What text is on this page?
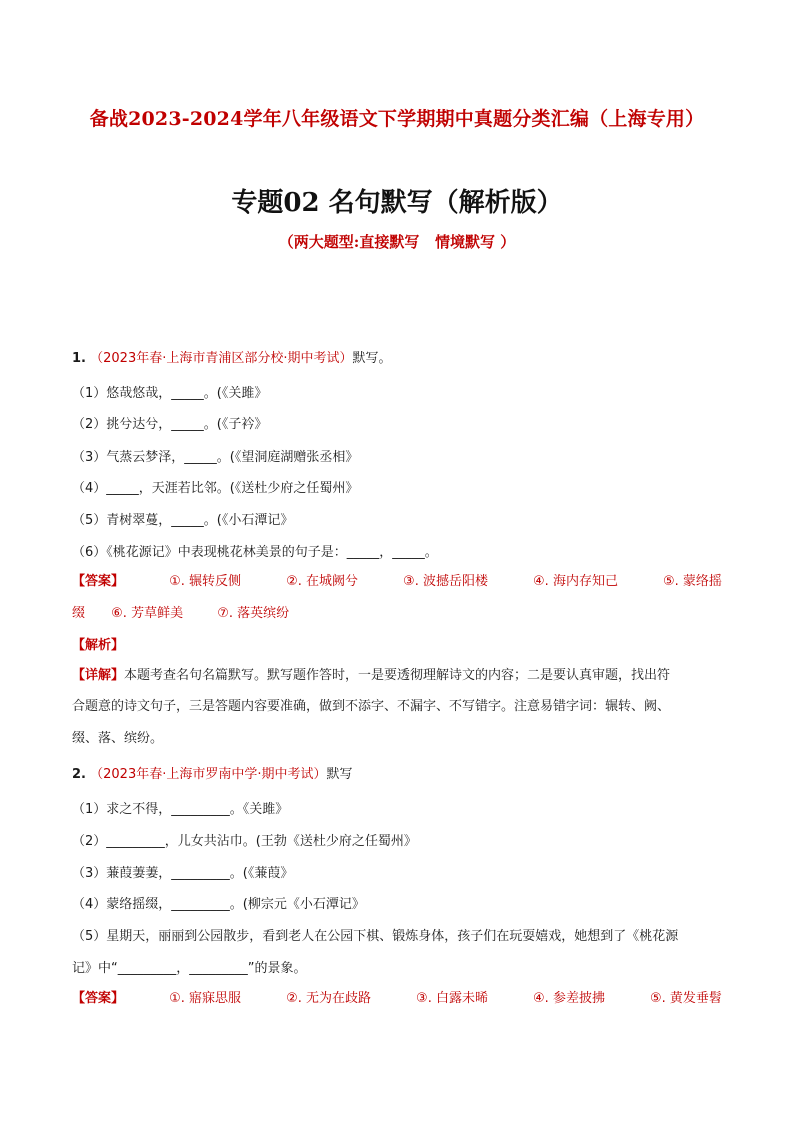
备战2023-2024学年八年级语文下学期期中真题分类汇编（上海专用）
专题02 名句默写（解析版）
（两大题型:直接默写   情境默写 ）
1. （2023年春·上海市青浦区部分校·期中考试）默写。
（1）悠哉悠哉，_____。(《关雎》
（2）挑兮达兮，_____。(《子衿》
（3）气蒸云梦泽，_____。(《望洞庭湖赠张丞相》
（4）_____，天涯若比邻。(《送杜少府之任蜀州》
（5）青树翠蔓，_____。(《小石潭记》
（6）《桃花源记》中表现桃花林美景的句子是：_____，_____。
【答案】	①. 辗转反侧	②. 在城阙兮	③. 波撼岳阳楼	④. 海内存知己	⑤. 蒙络摇
缀 ⑥. 芳草鲜美	⑦. 落英缤纷
【解析】
【详解】本题考查名句名篇默写。默写题作答时，一是要透彻理解诗文的内容；二是要认真审题，找出符
合题意的诗文句子，三是答题内容要准确，做到不添字、不漏字、不写错字。注意易错字词：辗转、阙、
缀、落、缤纷。
2. （2023年春·上海市罗南中学·期中考试）默写
（1）求之不得，_________。《关雎》
（2）_________，儿女共沾巾。(王勃《送杜少府之任蜀州》
（3）蒹葭萋萋，_________。(《蒹葭》
（4）蒙络摇缀，_________。(柳宗元《小石潭记》
（5）星期天，丽丽到公园散步，看到老人在公园下棋、锻炼身体，孩子们在玩耍嬉戏，她想到了《桃花源
记》中“_________，_________”的景象。
【答案】	①. 寤寐思服	②. 无为在歧路	③. 白露未晞	④. 参差披拂	⑤. 黄发垂髫
